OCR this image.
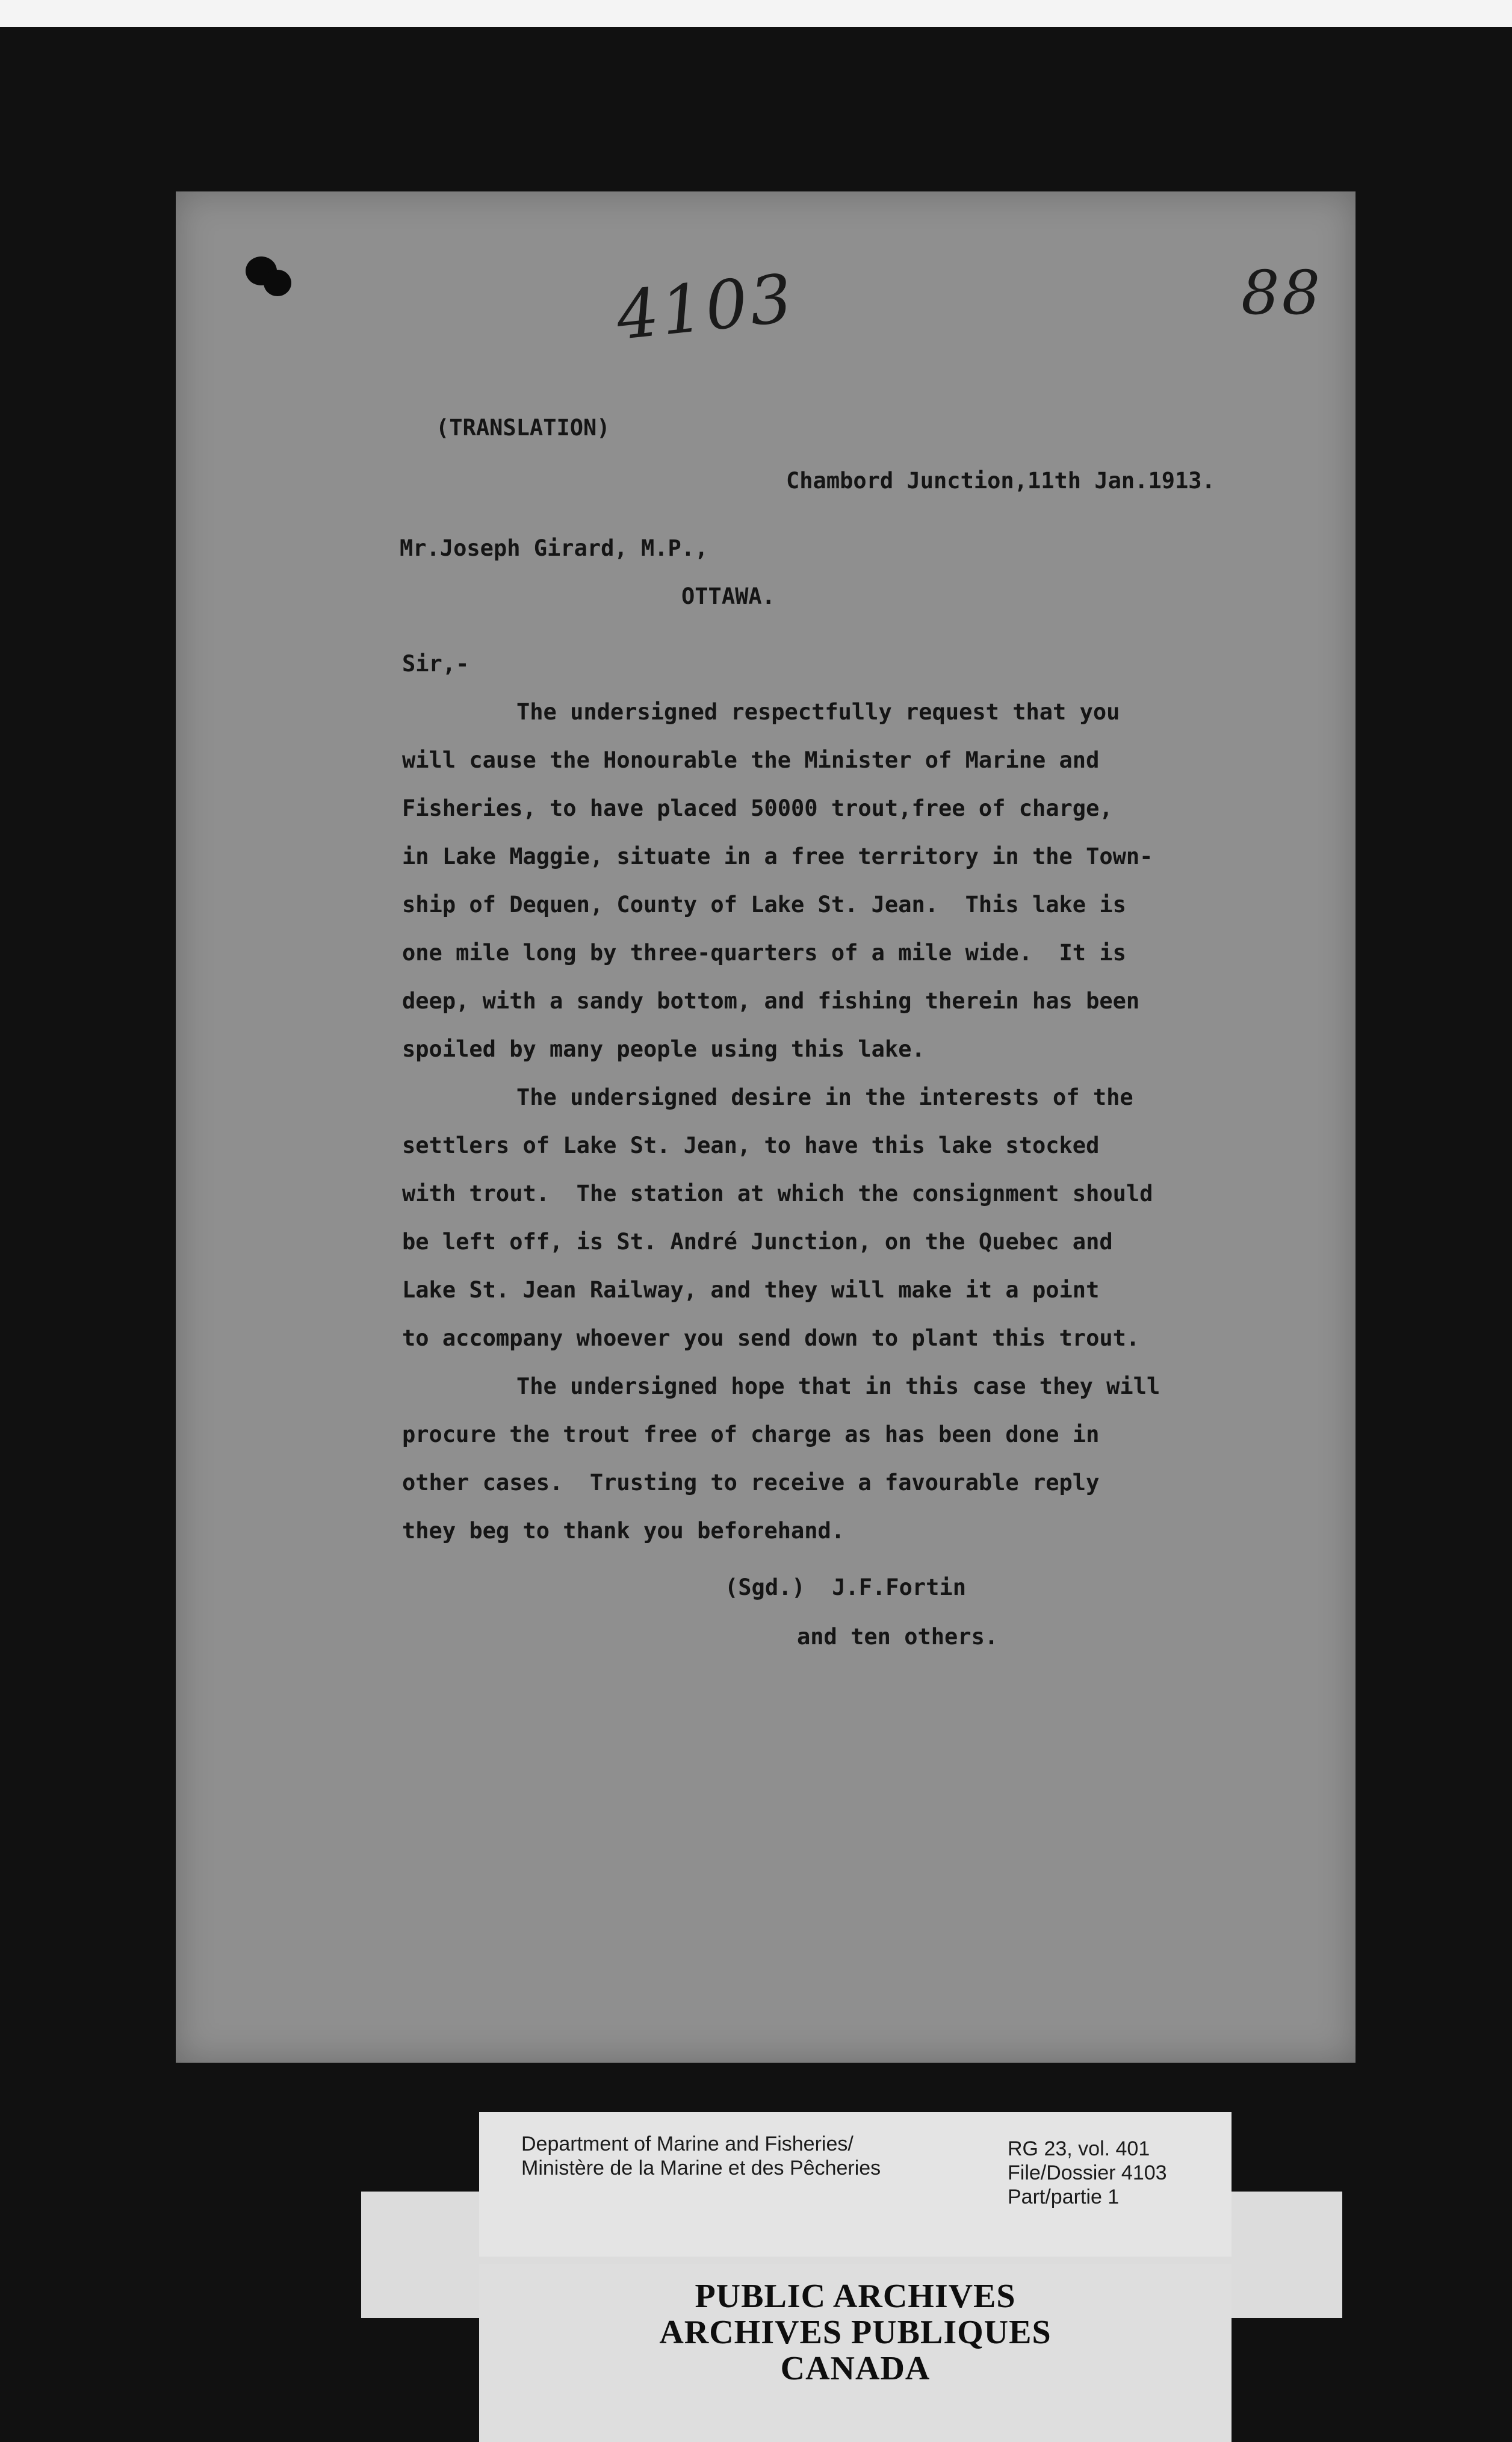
4103	88
(TRANSLATION)
Chambord Junction,11th Jan.1913.
Mr.Joseph Girard, M.P.,
OTTAWA.
Sir,-
The undersigned respectfully request that you
will cause the Honourable the Minister of Marine and
Fisheries, to have placed 50000 trout,free of charge,
in Lake Maggie, situate in a free territory in the Town-
ship of Dequen, County of Lake St. Jean.  This lake is
one mile long by three-quarters of a mile wide.  It is
deep, with a sandy bottom, and fishing therein has been
spoiled by many people using this lake.
The undersigned desire in the interests of the
settlers of Lake St. Jean, to have this lake stocked
with trout.  The station at which the consignment should
be left off, is St. André Junction, on the Quebec and
Lake St. Jean Railway, and they will make it a point
to accompany whoever you send down to plant this trout.
The undersigned hope that in this case they will
procure the trout free of charge as has been done in
other cases.  Trusting to receive a favourable reply
they beg to thank you beforehand.
(Sgd.)  J.F.Fortin
and ten others.
Department of Marine and Fisheries/
Ministère de la Marine et des Pêcheries
RG 23, vol. 401
File/Dossier 4103
Part/partie 1
PUBLIC ARCHIVES
ARCHIVES PUBLIQUES
CANADA
